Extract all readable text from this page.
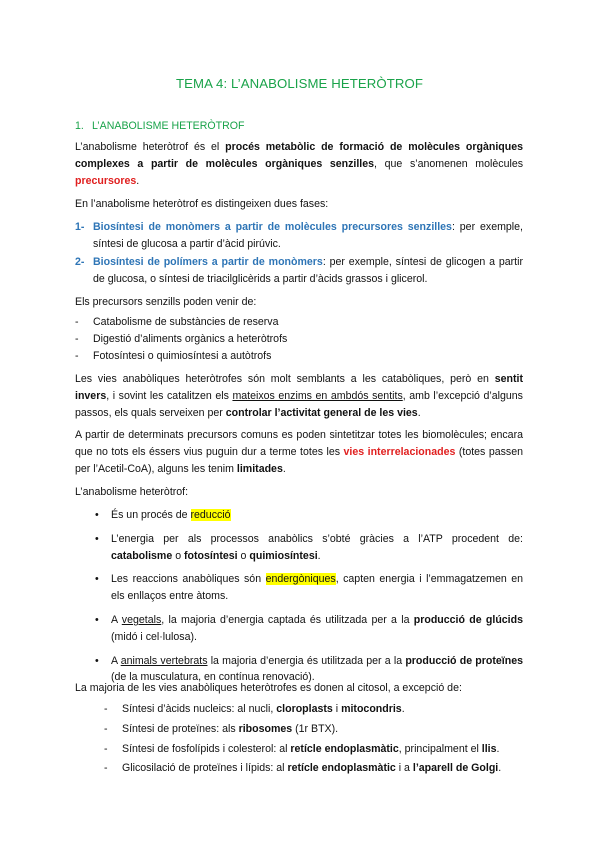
TEMA 4: L’ANABOLISME HETERÒTROF
1. L’ANABOLISME HETERÒTROF

L’anabolisme heteròtrof és el procés metabòlic de formació de molècules orgàniques complexes a partir de molècules orgàniques senzilles, que s’anomenen molècules precursores.

En l’anabolisme heteròtrof es distingeixen dues fases:

1- Biosíntesi de monòmers a partir de molècules precursores senzilles: per exemple, síntesi de glucosa a partir d’àcid pirúvic.
2- Biosíntesi de polímers a partir de monòmers: per exemple, síntesi de glicogen a partir de glucosa, o síntesi de triacilglicèrids a partir d’àcids grassos i glicerol.

Els precursors senzills poden venir de:

- Catabolisme de substàncies de reserva
- Digestió d’aliments orgànics a heteròtrofs
- Fotosíntesi o quimiosíntesi a autòtrofs

Les vies anabòliques heteròtrofes són molt semblants a les catabòliques, però en sentit invers, i sovint les catalitzen els mateixos enzims en ambdós sentits, amb l’excepció d’alguns passos, els quals serveixen per controlar l’activitat general de les vies.

A partir de determinats precursors comuns es poden sintetitzar totes les biomolècules; encara que no tots els éssers vius puguin dur a terme totes les vies interrelacionades (totes passen per l’Acetil-CoA), alguns les tenim limitades.

L’anabolisme heteròtrof:

• És un procés de reducció
• L’energia per als processos anabòlics s’obté gràcies a l’ATP procedent de: catabolisme o fotosíntesi o quimiosíntesi.
• Les reaccions anabòliques són endergòniques, capten energia i l’emmagatzemen en els enllaços entre àtoms.
• A vegetals, la majoria d’energia captada és utilitzada per a la producció de glúcids (midó i cel·lulosa).
• A animals vertebrats la majoria d’energia és utilitzada per a la producció de proteïnes (de la musculatura, en contínua renovació).

La majoria de les vies anabòliques heteròtrofes es donen al citosol, a excepció de:

- Síntesi d’àcids nucleics: al nucli, cloroplasts i mitocondris.
- Síntesi de proteïnes: als ribosomes (1r BTX).
- Síntesi de fosfolípids i colesterol: al retícle endoplasmàtic, principalment el llis.
- Glicosilació de proteïnes i lípids: al retícle endoplasmàtic i a l’aparell de Golgi.
